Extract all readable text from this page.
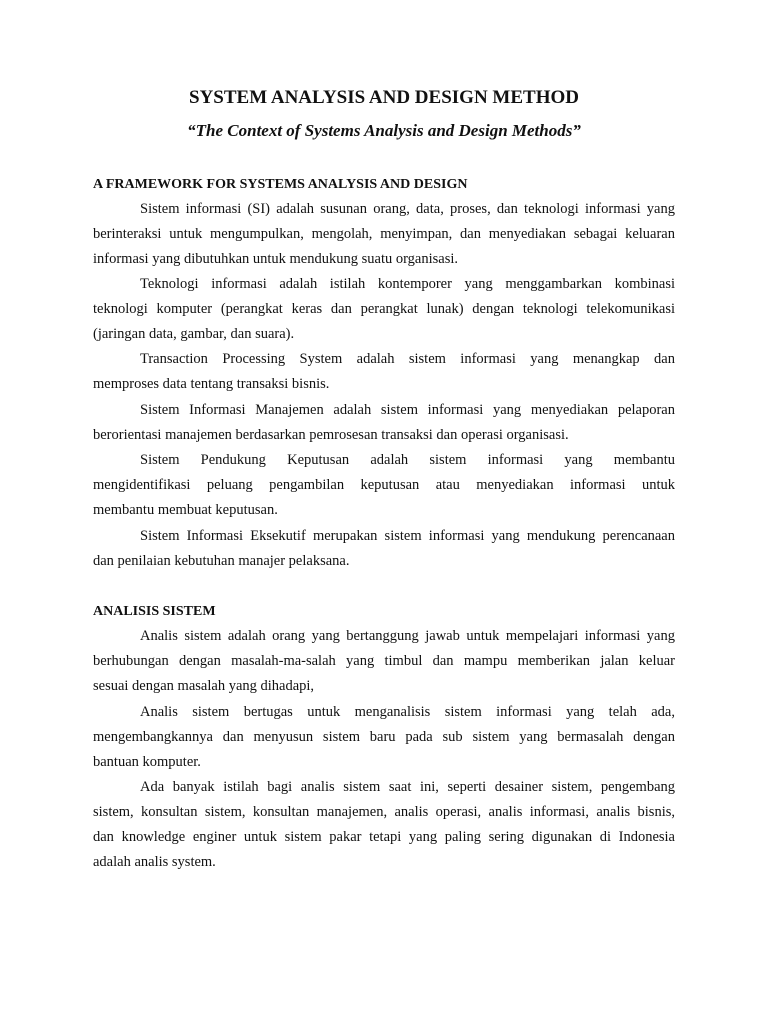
SYSTEM ANALYSIS AND DESIGN METHOD
“The Context of Systems Analysis and Design Methods”
A FRAMEWORK FOR SYSTEMS ANALYSIS AND DESIGN
Sistem informasi (SI) adalah susunan orang, data, proses, dan teknologi informasi yang
berinteraksi untuk mengumpulkan, mengolah, menyimpan, dan menyediakan sebagai keluaran
informasi yang dibutuhkan untuk mendukung suatu organisasi.
Teknologi informasi adalah istilah kontemporer yang menggambarkan kombinasi
teknologi komputer (perangkat keras dan perangkat lunak) dengan teknologi telekomunikasi
(jaringan data, gambar, dan suara).
Transaction Processing System adalah sistem informasi yang menangkap dan
memproses data tentang transaksi bisnis.
Sistem Informasi Manajemen adalah sistem informasi yang menyediakan pelaporan
berorientasi manajemen berdasarkan pemrosesan transaksi dan operasi organisasi.
Sistem Pendukung Keputusan adalah sistem informasi yang membantu
mengidentifikasi peluang pengambilan keputusan atau menyediakan informasi untuk
membantu membuat keputusan.
Sistem Informasi Eksekutif merupakan sistem informasi yang mendukung perencanaan
dan penilaian kebutuhan manajer pelaksana.
ANALISIS SISTEM
Analis sistem adalah orang yang bertanggung jawab untuk mempelajari informasi yang
berhubungan dengan masalah-ma-salah yang timbul dan mampu memberikan jalan keluar
sesuai dengan masalah yang dihadapi,
Analis sistem bertugas untuk menganalisis sistem informasi yang telah ada,
mengembangkannya dan menyusun sistem baru pada sub sistem yang bermasalah dengan
bantuan komputer.
Ada banyak istilah bagi analis sistem saat ini, seperti desainer sistem, pengembang
sistem, konsultan sistem, konsultan manajemen, analis operasi, analis informasi, analis bisnis,
dan knowledge enginer untuk sistem pakar tetapi yang paling sering digunakan di Indonesia
adalah analis system.
